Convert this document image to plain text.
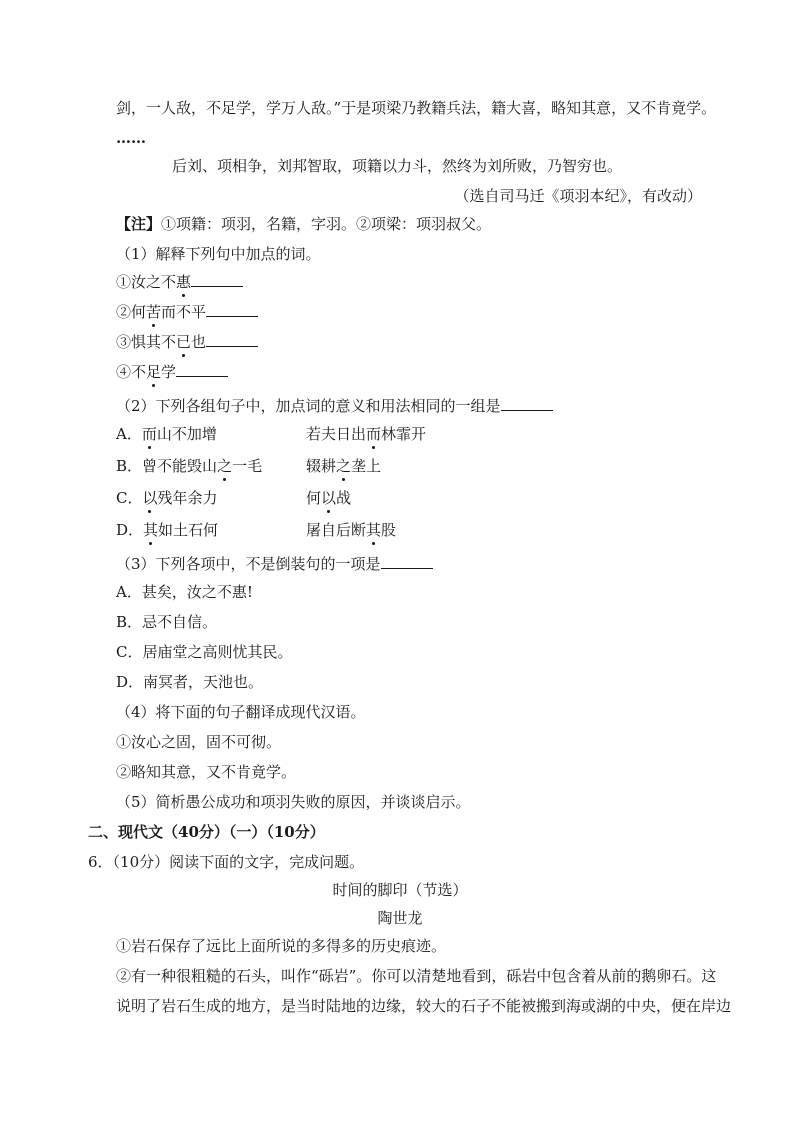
剑，一人敌，不足学，学万人敌。”于是项梁乃教籍兵法，籍大喜，略知其意，又不肯竟学。
……
后刘、项相争，刘邦智取，项籍以力斗，然终为刘所败，乃智穷也。
（选自司马迁《项羽本纪》，有改动）
【注】①项籍：项羽，名籍，字羽。②项梁：项羽叔父。
（1）解释下列句中加点的词。
①汝之不惠
②何苦而不平
③惧其不已也
④不足学
（2）下列各组句子中，加点词的意义和用法相同的一组是
A．而山不加增	若夫日出而林霏开
B．曾不能毁山之一毛	辍耕之垄上
C．以残年余力	何以战
D．其如土石何	屠自后断其股
（3）下列各项中，不是倒装句的一项是
A．甚矣，汝之不惠!
B．忌不自信。
C．居庙堂之高则忧其民。
D．南冥者，天池也。
（4）将下面的句子翻译成现代汉语。
①汝心之固，固不可彻。
②略知其意，又不肯竟学。
（5）简析愚公成功和项羽失败的原因，并谈谈启示。
二、现代文（40分）（一）（10分）
6．（10分）阅读下面的文字，完成问题。
时间的脚印（节选）
陶世龙
①岩石保存了远比上面所说的多得多的历史痕迹。
②有一种很粗糙的石头，叫作“砾岩”。你可以清楚地看到，砾岩中包含着从前的鹅卵石。这
说明了岩石生成的地方，是当时陆地的边缘，较大的石子不能被搬到海或湖的中央，便在岸边
